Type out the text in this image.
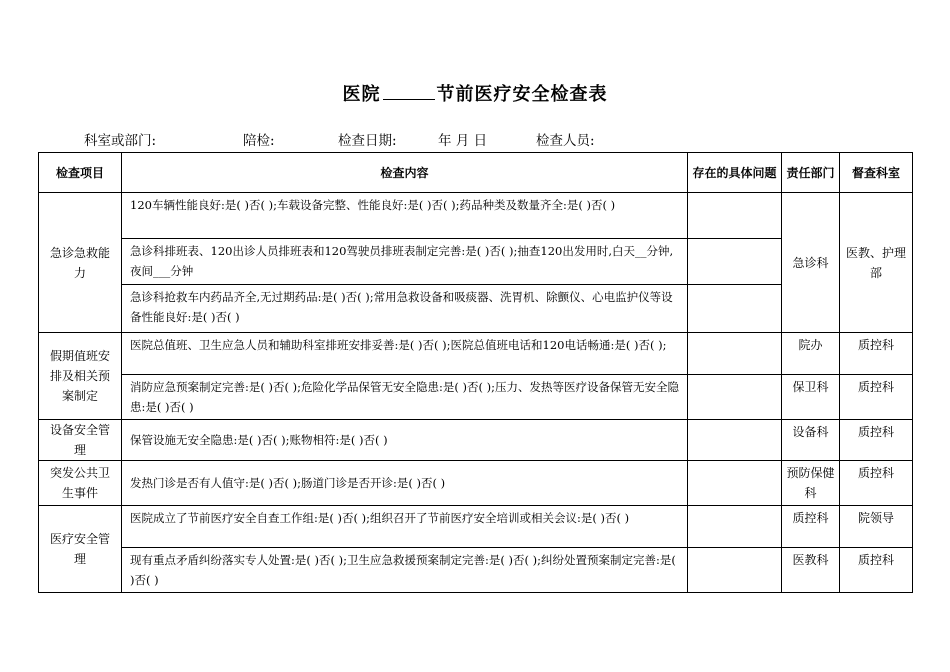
医院	节前医疗安全检查表
科室或部门:	陪检:	检查日期:	年 月 日	检查人员:
检查项目	检查内容	存在的具体问题	责任部门	督查科室
急诊急救能力	120车辆性能良好:是( )否( );车载设备完整、性能良好:是( )否( );药品种类及数量齐全:是( )否( )		急诊科	医教、护理部
	急诊科排班表、120出诊人员排班表和120驾驶员排班表制定完善:是( )否( );抽查120出发用时,白天__分钟,夜间___分钟			
	急诊科抢救车内药品齐全,无过期药品:是( )否( );常用急救设备和吸痰器、洗胃机、除颤仪、心电监护仪等设备性能良好:是( )否( )			
假期值班安排及相关预案制定	医院总值班、卫生应急人员和辅助科室排班安排妥善:是( )否( );医院总值班电话和120电话畅通:是( )否( );		院办	质控科
	消防应急预案制定完善:是( )否( );危险化学品保管无安全隐患:是( )否( );压力、发热等医疗设备保管无安全隐患:是( )否( )		保卫科	质控科
设备安全管理	保管设施无安全隐患:是( )否( );账物相符:是( )否( )		设备科	质控科
突发公共卫生事件	发热门诊是否有人值守:是( )否( );肠道门诊是否开诊:是( )否( )		预防保健科	质控科
医疗安全管理	医院成立了节前医疗安全自查工作组:是( )否( );组织召开了节前医疗安全培训或相关会议:是( )否( )		质控科	院领导
	现有重点矛盾纠纷落实专人处置:是( )否( );卫生应急救援预案制定完善:是( )否( );纠纷处置预案制定完善:是( )否( )		医教科	质控科
